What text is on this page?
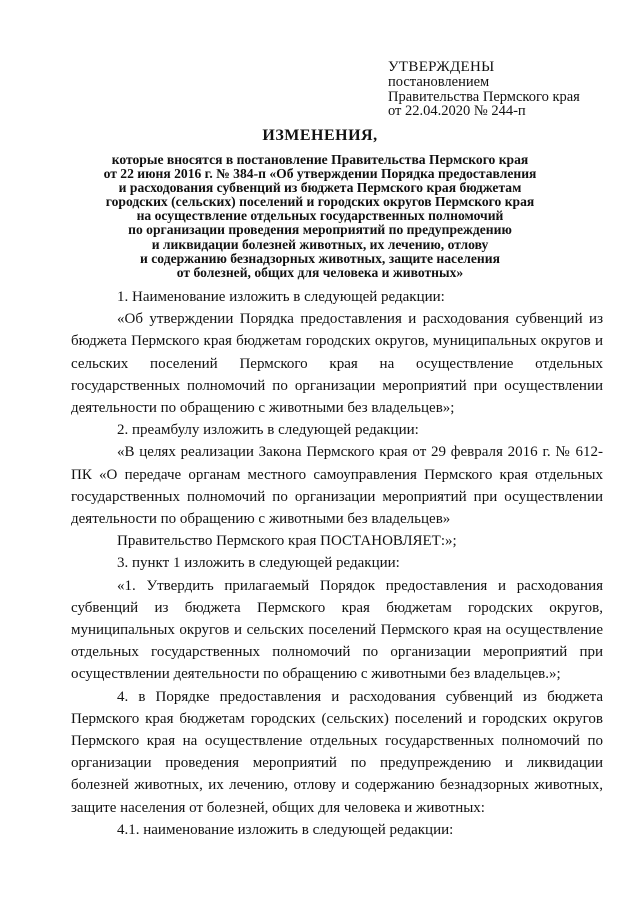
УТВЕРЖДЕНЫ
постановлением
Правительства Пермского края
от 22.04.2020 № 244-п
ИЗМЕНЕНИЯ,
которые вносятся в постановление Правительства Пермского края
от 22 июня 2016 г. № 384-п «Об утверждении Порядка предоставления
и расходования субвенций из бюджета Пермского края бюджетам
городских (сельских) поселений и городских округов Пермского края
на осуществление отдельных государственных полномочий
по организации проведения мероприятий по предупреждению
и ликвидации болезней животных, их лечению, отлову
и содержанию безнадзорных животных, защите населения
от болезней, общих для человека и животных»

1. Наименование изложить в следующей редакции:

«Об утверждении Порядка предоставления и расходования субвенций из бюджета Пермского края бюджетам городских округов, муниципальных округов и сельских поселений Пермского края на осуществление отдельных государственных полномочий по организации мероприятий при осуществлении деятельности по обращению с животными без владельцев»;

2. преамбулу изложить в следующей редакции:

«В целях реализации Закона Пермского края от 29 февраля 2016 г. № 612-ПК «О передаче органам местного самоуправления Пермского края отдельных государственных полномочий по организации мероприятий при осуществлении деятельности по обращению с животными без владельцев»

Правительство Пермского края ПОСТАНОВЛЯЕТ:»;

3. пункт 1 изложить в следующей редакции:

«1. Утвердить прилагаемый Порядок предоставления и расходования субвенций из бюджета Пермского края бюджетам городских округов, муниципальных округов и сельских поселений Пермского края на осуществление отдельных государственных полномочий по организации мероприятий при осуществлении деятельности по обращению с животными без владельцев.»;

4. в Порядке предоставления и расходования субвенций из бюджета Пермского края бюджетам городских (сельских) поселений и городских округов Пермского края на осуществление отдельных государственных полномочий по организации проведения мероприятий по предупреждению и ликвидации болезней животных, их лечению, отлову и содержанию безнадзорных животных, защите населения от болезней, общих для человека и животных:

4.1. наименование изложить в следующей редакции:
